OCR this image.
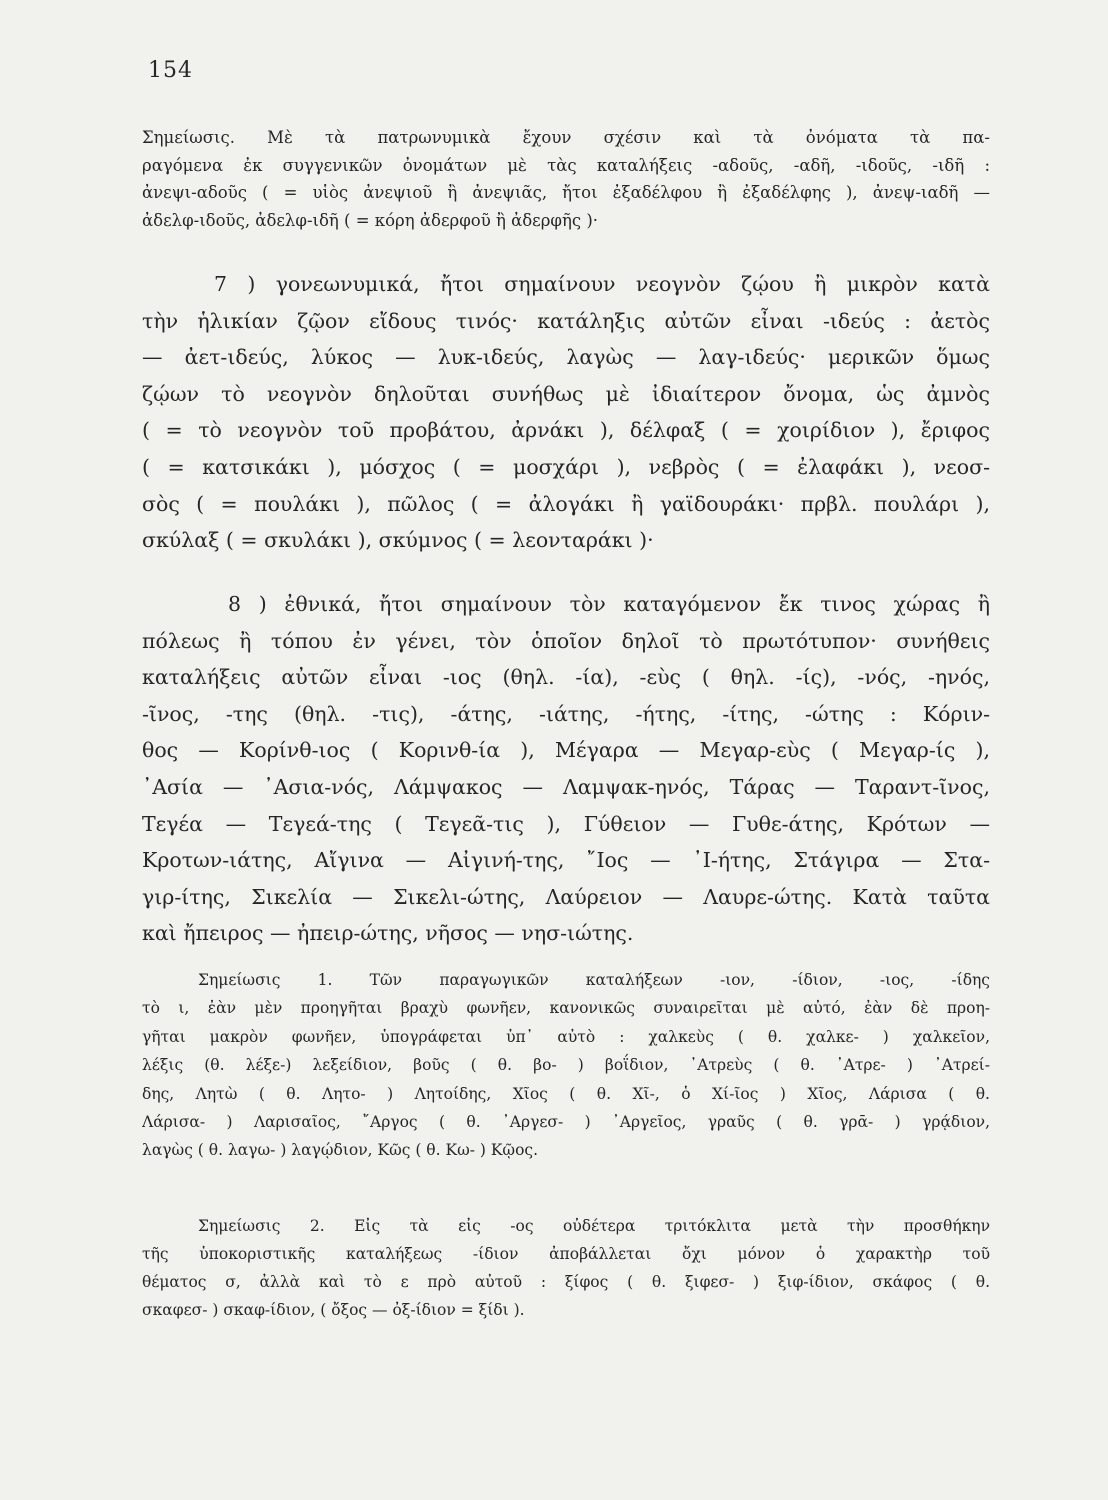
154
Σημείωσις. Μὲ τὰ πατρωνυμικὰ ἔχουν σχέσιν καὶ τὰ ὀνόματα τὰ πα-
ραγόμενα ἐκ συγγενικῶν ὀνομάτων μὲ τὰς καταλήξεις -αδοῦς, -αδῆ, -ιδοῦς, -ιδῆ :
ἀνεψι-αδοῦς ( = υἱὸς ἀνεψιοῦ ἢ ἀνεψιᾶς, ἤτοι ἐξαδέλφου ἢ ἐξαδέλφης ), ἀνεψ-ιαδῆ —
ἀδελφ-ιδοῦς, ἀδελφ-ιδῆ ( = κόρη ἀδερφοῦ ἢ ἀδερφῆς )·
7 ) γονεωνυμικά, ἤτοι σημαίνουν νεογνὸν ζῴου ἢ μικρὸν κατὰ
τὴν ἡλικίαν ζῷον εἴδους τινός· κατάληξις αὐτῶν εἶναι -ιδεύς : ἀετὸς
— ἀετ-ιδεύς, λύκος — λυκ-ιδεύς, λαγὼς — λαγ-ιδεύς· μερικῶν ὅμως
ζῴων τὸ νεογνὸν δηλοῦται συνήθως μὲ ἰδιαίτερον ὄνομα, ὡς ἀμνὸς
( = τὸ νεογνὸν τοῦ προβάτου, ἀρνάκι ), δέλφαξ ( = χοιρίδιον ), ἔριφος
( = κατσικάκι ), μόσχος ( = μοσχάρι ), νεβρὸς ( = ἐλαφάκι ), νεοσ-
σὸς ( = πουλάκι ), πῶλος ( = ἀλογάκι ἢ γαϊδουράκι· πρβλ. πουλάρι ),
σκύλαξ ( = σκυλάκι ), σκύμνος ( = λεονταράκι )·
8 ) ἐθνικά, ἤτοι σημαίνουν τὸν καταγόμενον ἔκ τινος χώρας ἢ
πόλεως ἢ τόπου ἐν γένει, τὸν ὁποῖον δηλοῖ τὸ πρωτότυπον· συνήθεις
καταλήξεις αὐτῶν εἶναι -ιος (θηλ. -ία), -εὺς ( θηλ. -ίς), -νός, -ηνός,
-ῖνος, -της (θηλ. -τις), -άτης, -ιάτης, -ήτης, -ίτης, -ώτης : Κόριν-
θος — Κορίνθ-ιος ( Κορινθ-ία ), Μέγαρα — Μεγαρ-εὺς ( Μεγαρ-ίς ),
᾿Ασία — ᾿Ασια-νός, Λάμψακος — Λαμψακ-ηνός, Τάρας — Ταραντ-ῖνος,
Τεγέα — Τεγεά-της ( Τεγεᾶ-τις ), Γύθειον — Γυθε-άτης, Κρότων —
Κροτων-ιάτης, Αἴγινα — Αἰγινή-της, ῎Ιος — ᾿Ι-ήτης, Στάγιρα — Στα-
γιρ-ίτης, Σικελία — Σικελι-ώτης, Λαύρειον — Λαυρε-ώτης. Κατὰ ταῦτα
καὶ ἤπειρος — ἠπειρ-ώτης, νῆσος — νησ-ιώτης.
Σημείωσις 1. Τῶν παραγωγικῶν καταλήξεων -ιον, -ίδιον, -ιος, -ίδης
τὸ ι, ἐὰν μὲν προηγῆται βραχὺ φωνῆεν, κανονικῶς συναιρεῖται μὲ αὐτό, ἐὰν δὲ προη-
γῆται μακρὸν φωνῆεν, ὑπογράφεται ὑπ᾿ αὐτὸ : χαλκεὺς ( θ. χαλκε- ) χαλκεῖον,
λέξις (θ. λέξε-) λεξείδιον, βοῦς ( θ. βο- ) βοΐδιον, ᾿Ατρεὺς ( θ. ᾿Ατρε- ) ᾿Ατρεί-
δης, Λητὼ ( θ. Λητο- ) Λητοίδης, Χῖος ( θ. Χῖ-, ὁ Χί-ῖος ) Χῖος, Λάρισα ( θ.
Λάρισα- ) Λαρισαῖος, ῎Αργος ( θ. ᾿Αργεσ- ) ᾿Αργεῖος, γραῦς ( θ. γρᾱ- ) γρᾴδιον,
λαγὼς ( θ. λαγω- ) λαγῴδιον, Κῶς ( θ. Κω- ) Κῷος.
Σημείωσις 2. Εἰς τὰ εἰς -ος οὐδέτερα τριτόκλιτα μετὰ τὴν προσθήκην
τῆς ὑποκοριστικῆς καταλήξεως -ίδιον ἀποβάλλεται ὄχι μόνον ὁ χαρακτὴρ τοῦ
θέματος σ, ἀλλὰ καὶ τὸ ε πρὸ αὐτοῦ : ξίφος ( θ. ξιφεσ- ) ξιφ-ίδιον, σκάφος ( θ.
σκαφεσ- ) σκαφ-ίδιον, ( ὄξος — ὀξ-ίδιον = ξίδι ).
